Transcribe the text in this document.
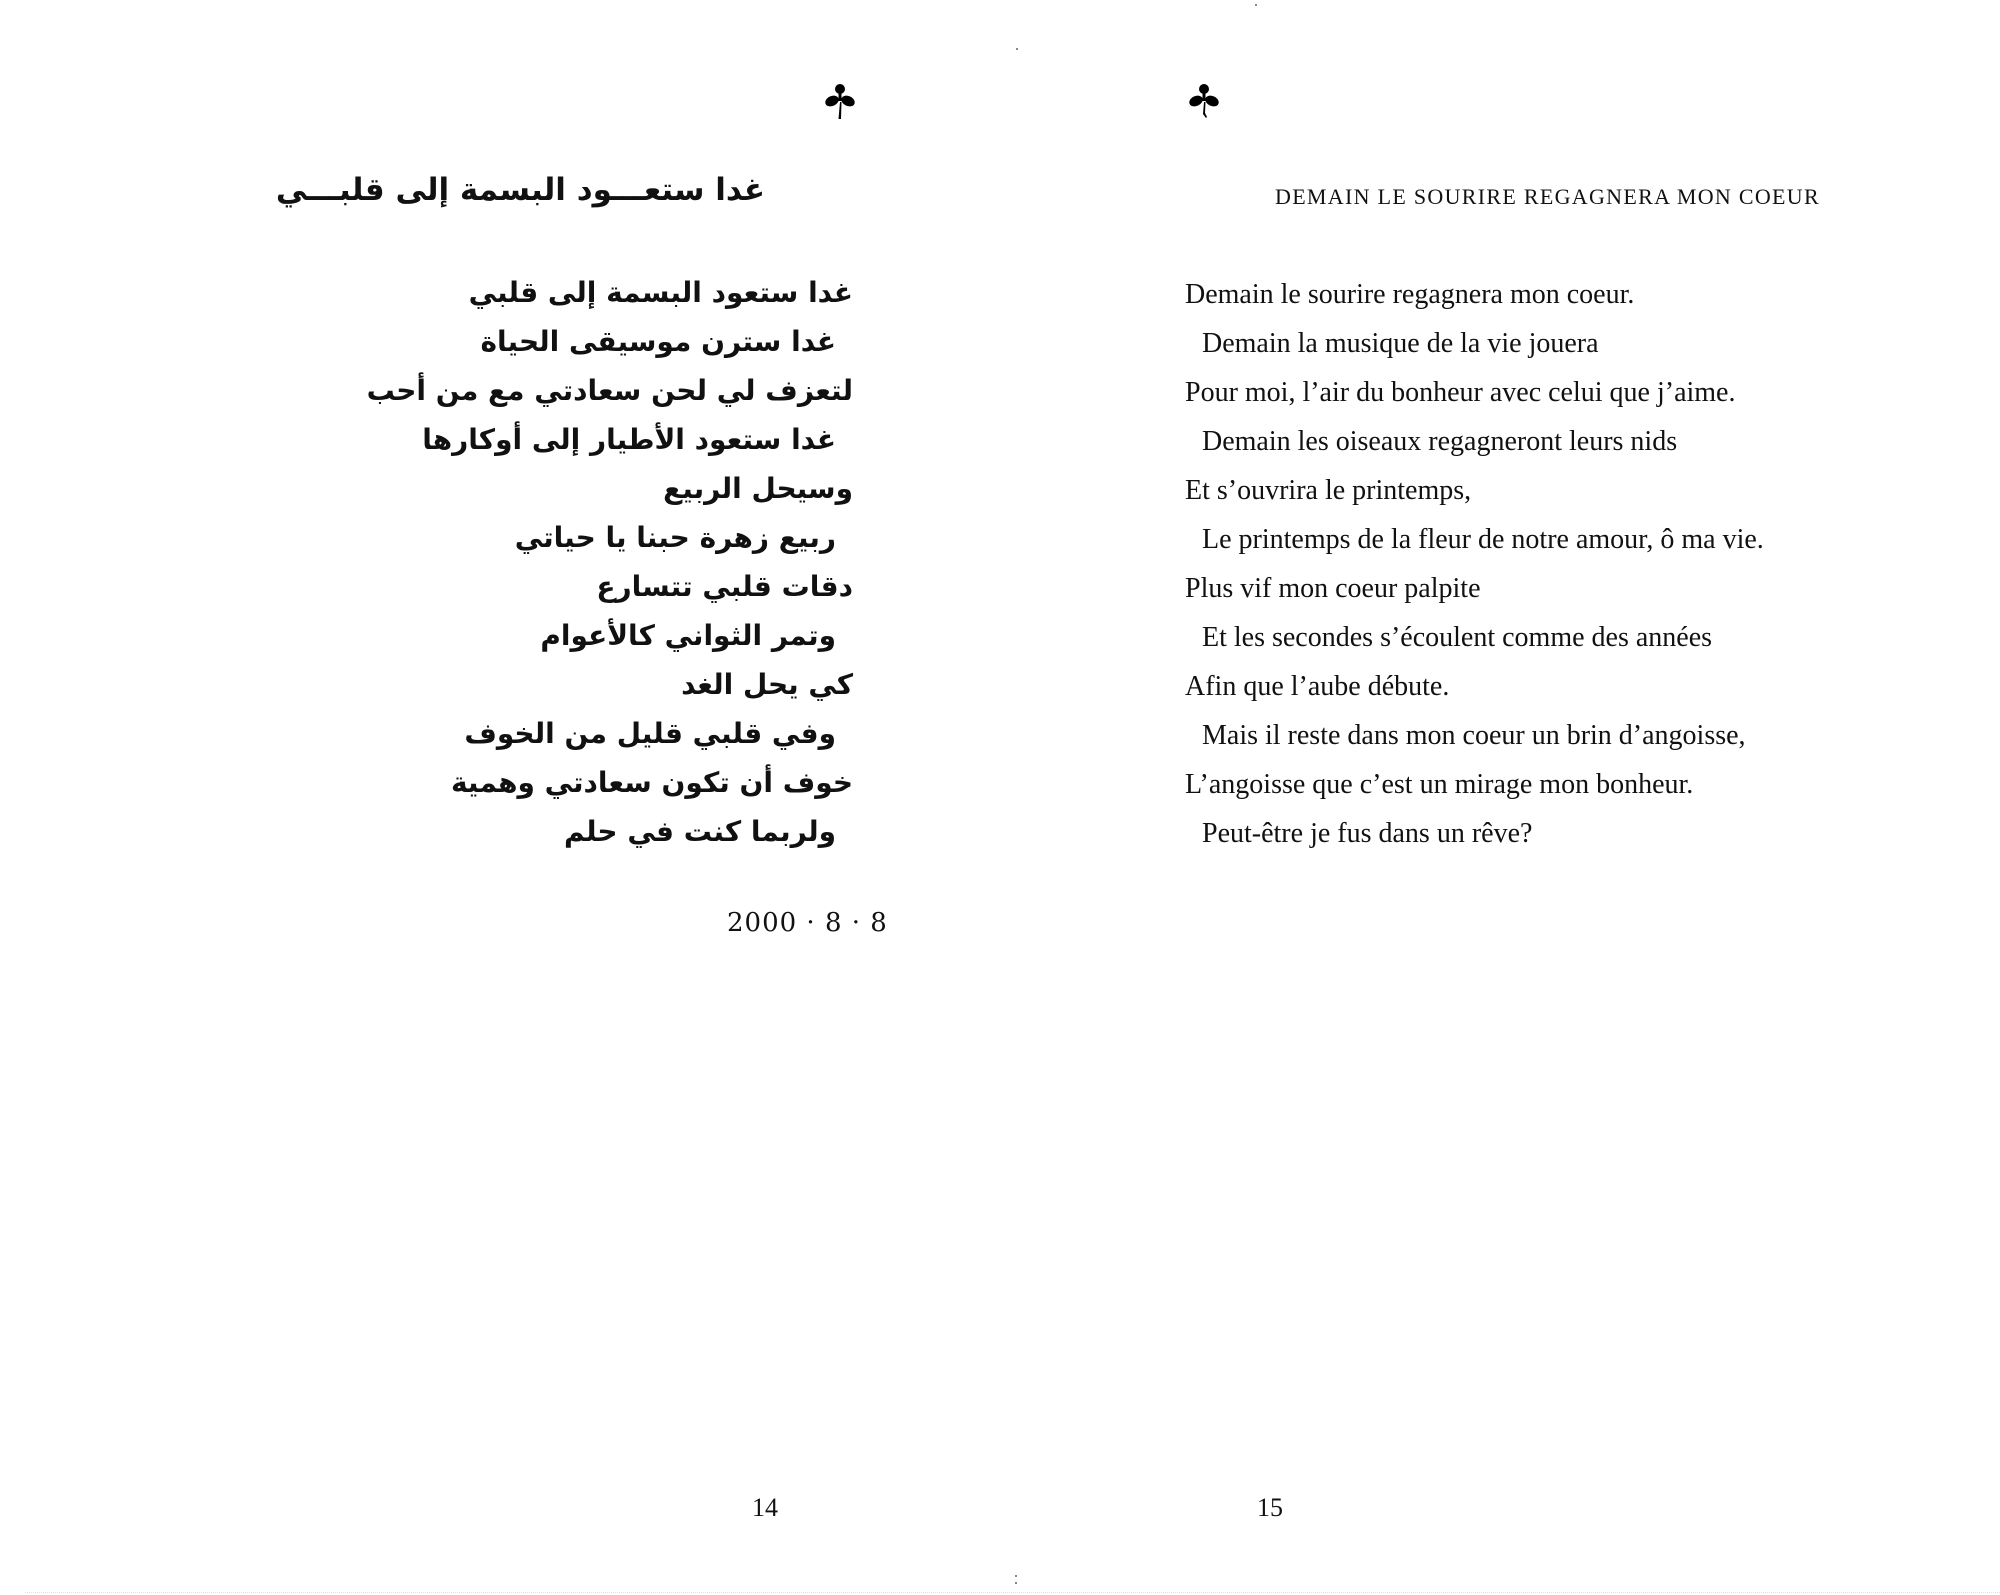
غدا ستعـــود البسمة إلى قلبـــي
غدا ستعود البسمة إلى قلبي
غدا سترن موسيقى الحياة
لتعزف لي لحن سعادتي مع من أحب
غدا ستعود الأطيار إلى أوكارها
وسيحل الربيع
ربيع زهرة حبنا يا حياتي
دقات قلبي تتسارع
وتمر الثواني كالأعوام
كي يحل الغد
وفي قلبي قليل من الخوف
خوف أن تكون سعادتي وهمية
ولربما كنت في حلم
2000 · 8 · 8
14
DEMAIN LE SOURIRE REGAGNERA MON COEUR
Demain le sourire regagnera mon coeur.
Demain la musique de la vie jouera
Pour moi, l’air du bonheur avec celui que j’aime.
Demain les oiseaux regagneront leurs nids
Et s’ouvrira le printemps,
Le printemps de la fleur de notre amour, ô ma vie.
Plus vif mon coeur palpite
Et les secondes s’écoulent comme des années
Afin que l’aube débute.
Mais il reste dans mon coeur un brin d’angoisse,
L’angoisse que c’est un mirage mon bonheur.
Peut-être je fus dans un rêve?
15
